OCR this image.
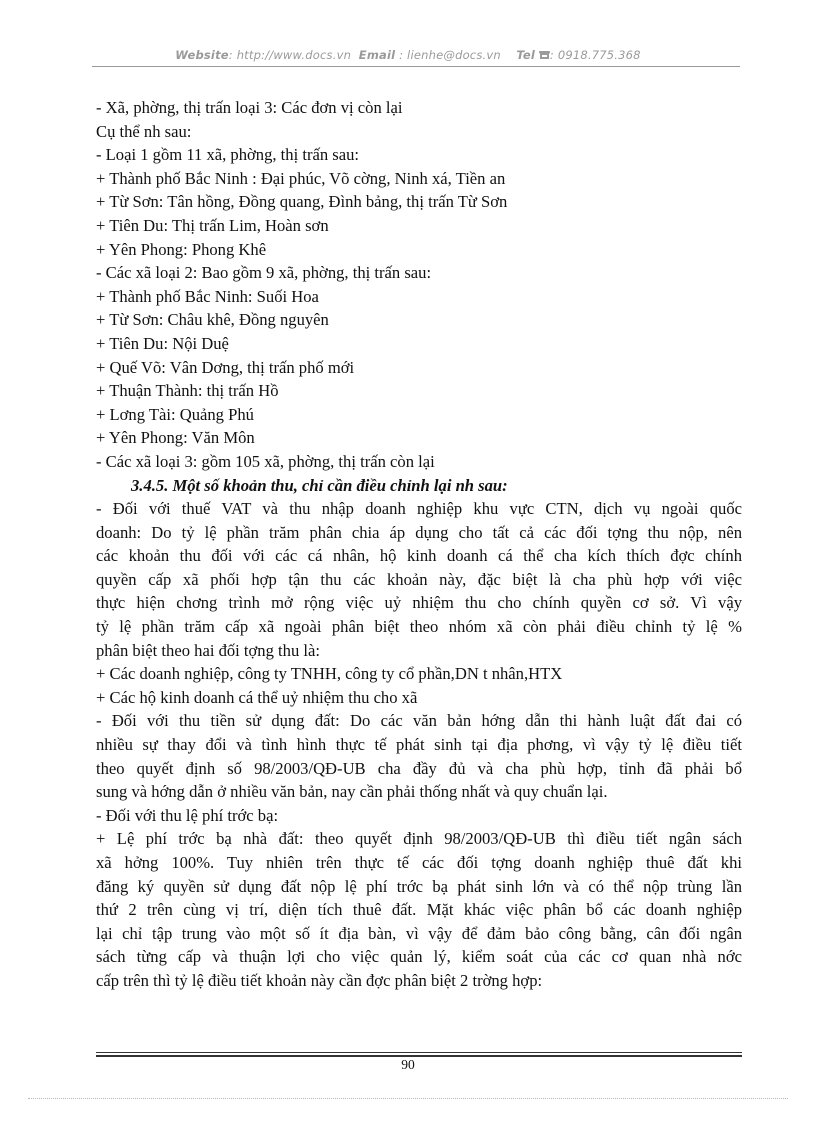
Website: http://www.docs.vn Email : lienhe@docs.vn Tel : 0918.775.368
- Xã, phờng, thị trấn loại 3: Các đơn vị còn lại
Cụ thể nh sau:
- Loại 1 gồm 11 xã, phờng, thị trấn sau:
+ Thành phố Bắc Ninh : Đại phúc, Võ cờng, Ninh xá, Tiền an
+ Từ Sơn: Tân hồng, Đồng quang, Đình bảng, thị trấn Từ Sơn
+ Tiên Du: Thị trấn Lim, Hoàn sơn
+ Yên Phong: Phong Khê
- Các xã loại 2: Bao gồm 9 xã, phờng, thị trấn sau:
+ Thành phố Bắc Ninh: Suối Hoa
+ Từ Sơn: Châu khê, Đồng nguyên
+ Tiên Du: Nội Duệ
+ Quế Võ: Vân Dơng, thị trấn phố mới
+ Thuận Thành: thị trấn Hồ
+ Lơng Tài: Quảng Phú
+ Yên Phong: Văn Môn
- Các xã loại 3: gồm 105 xã, phờng, thị trấn còn lại
3.4.5. Một số khoản thu, chỉ cần điều chỉnh lại nh sau:
- Đối với thuế VAT và thu nhập doanh nghiệp khu vực CTN, dịch vụ ngoài quốc
doanh: Do tỷ lệ phần trăm phân chia áp dụng cho tất cả các đối tợng thu nộp, nên
các khoản thu đối với các cá nhân, hộ kinh doanh cá thể cha kích thích đợc chính
quyền cấp xã phối hợp tận thu các khoản này, đặc biệt là cha phù hợp với việc
thực hiện chơng trình mở rộng việc uỷ nhiệm thu cho chính quyền cơ sở. Vì vậy
tỷ lệ phần trăm cấp xã ngoài phân biệt theo nhóm xã còn phải điều chỉnh tỷ lệ %
phân biệt theo hai đối tợng thu là:
+ Các doanh nghiệp, công ty TNHH, công ty cổ phần,DN t nhân,HTX
+ Các hộ kinh doanh cá thể uỷ nhiệm thu cho xã
- Đối với thu tiền sử dụng đất: Do các văn bản hớng dẫn thi hành luật đất đai có
nhiều sự thay đổi và tình hình thực tế phát sinh tại địa phơng, vì vậy tỷ lệ điều tiết
theo quyết định số 98/2003/QĐ-UB cha đầy đủ và cha phù hợp, tỉnh đã phải bổ
sung và hớng dẫn ở nhiều văn bản, nay cần phải thống nhất và quy chuẩn lại.
- Đối với thu lệ phí trớc bạ:
+ Lệ phí trớc bạ nhà đất: theo quyết định 98/2003/QĐ-UB thì điều tiết ngân sách
xã hởng 100%. Tuy nhiên trên thực tế các đối tợng doanh nghiệp thuê đất khi
đăng ký quyền sử dụng đất nộp lệ phí trớc bạ phát sinh lớn và có thể nộp trùng lần
thứ 2 trên cùng vị trí, diện tích thuê đất. Mặt khác việc phân bổ các doanh nghiệp
lại chỉ tập trung vào một số ít địa bàn, vì vậy để đảm bảo công bằng, cân đối ngân
sách từng cấp và thuận lợi cho việc quản lý, kiểm soát của các cơ quan nhà nớc
cấp trên thì tỷ lệ điều tiết khoản này cần đợc phân biệt 2 trờng hợp:
90
